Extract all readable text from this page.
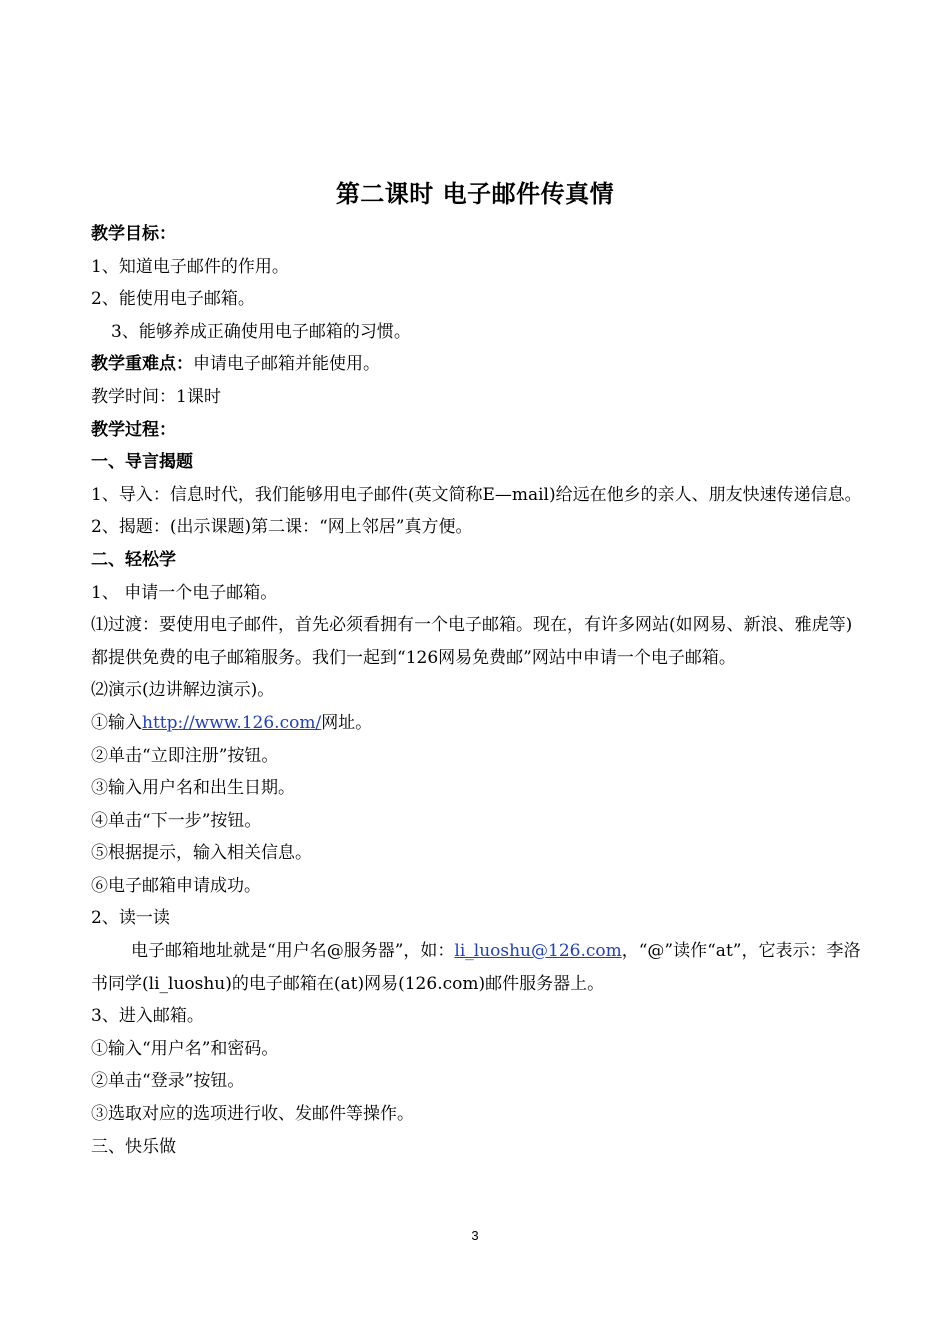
第二课时 电子邮件传真情
教学目标：
1、知道电子邮件的作用。
2、能使用电子邮箱。
3、能够养成正确使用电子邮箱的习惯。
教学重难点：申请电子邮箱并能使用。
教学时间：1课时
教学过程：
一、导言揭题
1、导入：信息时代，我们能够用电子邮件(英文简称E—mail)给远在他乡的亲人、朋友快速传递信息。
2、揭题：(出示课题)第二课：“网上邻居”真方便。
二、轻松学
1、 申请一个电子邮箱。
⑴过渡：要使用电子邮件，首先必须看拥有一个电子邮箱。现在，有许多网站(如网易、新浪、雅虎等)都提供免费的电子邮箱服务。我们一起到“126网易免费邮”网站中申请一个电子邮箱。
⑵演示(边讲解边演示)。
①输入http://www.126.com/网址。
②单击“立即注册”按钮。
③输入用户名和出生日期。
④单击“下一步”按钮。
⑤根据提示，输入相关信息。
⑥电子邮箱申请成功。
2、读一读
电子邮箱地址就是“用户名@服务器”，如：li_luoshu@126.com，“@”读作“at”，它表示：李洛书同学(li_luoshu)的电子邮箱在(at)网易(126.com)邮件服务器上。
3、进入邮箱。
①输入“用户名”和密码。
②单击“登录”按钮。
③选取对应的选项进行收、发邮件等操作。
三、快乐做
3
